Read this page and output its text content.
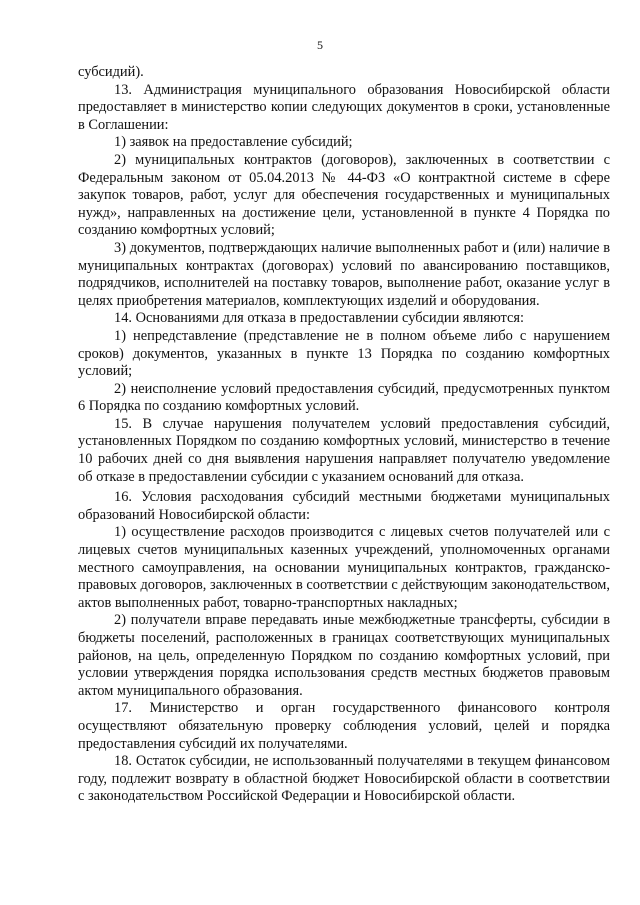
5

субсидий).

13. Администрация муниципального образования Новосибирской области предоставляет в министерство копии следующих документов в сроки, установленные в Соглашении:

1) заявок на предоставление субсидий;

2) муниципальных контрактов (договоров), заключенных в соответствии с Федеральным законом от 05.04.2013 № 44-ФЗ «О контрактной системе в сфере закупок товаров, работ, услуг для обеспечения государственных и муниципальных нужд», направленных на достижение цели, установленной в пункте 4 Порядка по созданию комфортных условий;

3) документов, подтверждающих наличие выполненных работ и (или) наличие в муниципальных контрактах (договорах) условий по авансированию поставщиков, подрядчиков, исполнителей на поставку товаров, выполнение работ, оказание услуг в целях приобретения материалов, комплектующих изделий и оборудования.

14. Основаниями для отказа в предоставлении субсидии являются:

1) непредставление (представление не в полном объеме либо с нарушением сроков) документов, указанных в пункте 13 Порядка по созданию комфортных условий;

2) неисполнение условий предоставления субсидий, предусмотренных пунктом 6 Порядка по созданию комфортных условий.

15. В случае нарушения получателем условий предоставления субсидий, установленных Порядком по созданию комфортных условий, министерство в течение 10 рабочих дней со дня выявления нарушения направляет получателю уведомление об отказе в предоставлении субсидии с указанием оснований для отказа.

16. Условия расходования субсидий местными бюджетами муниципальных образований Новосибирской области:

1) осуществление расходов производится с лицевых счетов получателей или с лицевых счетов муниципальных казенных учреждений, уполномоченных органами местного самоуправления, на основании муниципальных контрактов, гражданско-правовых договоров, заключенных в соответствии с действующим законодательством, актов выполненных работ, товарно-транспортных накладных;

2) получатели вправе передавать иные межбюджетные трансферты, субсидии в бюджеты поселений, расположенных в границах соответствующих муниципальных районов, на цель, определенную Порядком по созданию комфортных условий, при условии утверждения порядка использования средств местных бюджетов правовым актом муниципального образования.

17. Министерство и орган государственного финансового контроля осуществляют обязательную проверку соблюдения условий, целей и порядка предоставления субсидий их получателями.

18. Остаток субсидии, не использованный получателями в текущем финансовом году, подлежит возврату в областной бюджет Новосибирской области в соответствии с законодательством Российской Федерации и Новосибирской области.
